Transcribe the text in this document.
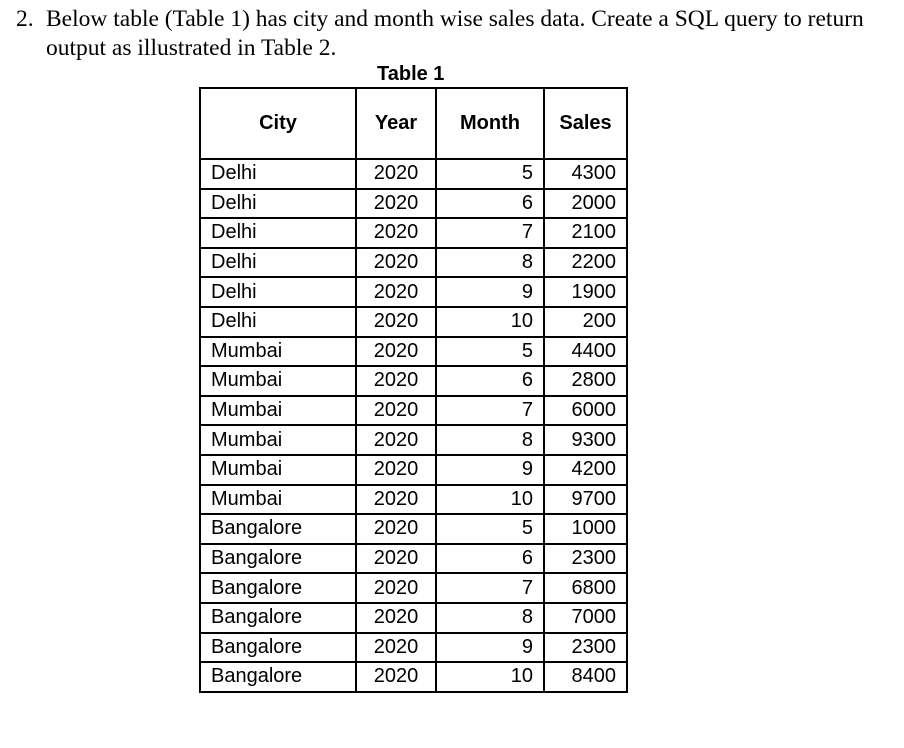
2. Below table (Table 1) has city and month wise sales data. Create a SQL query to return
output as illustrated in Table 2.
Table 1
City	Year	Month	Sales
Delhi	2020	5	4300
Delhi	2020	6	2000
Delhi	2020	7	2100
Delhi	2020	8	2200
Delhi	2020	9	1900
Delhi	2020	10	200
Mumbai	2020	5	4400
Mumbai	2020	6	2800
Mumbai	2020	7	6000
Mumbai	2020	8	9300
Mumbai	2020	9	4200
Mumbai	2020	10	9700
Bangalore	2020	5	1000
Bangalore	2020	6	2300
Bangalore	2020	7	6800
Bangalore	2020	8	7000
Bangalore	2020	9	2300
Bangalore	2020	10	8400
